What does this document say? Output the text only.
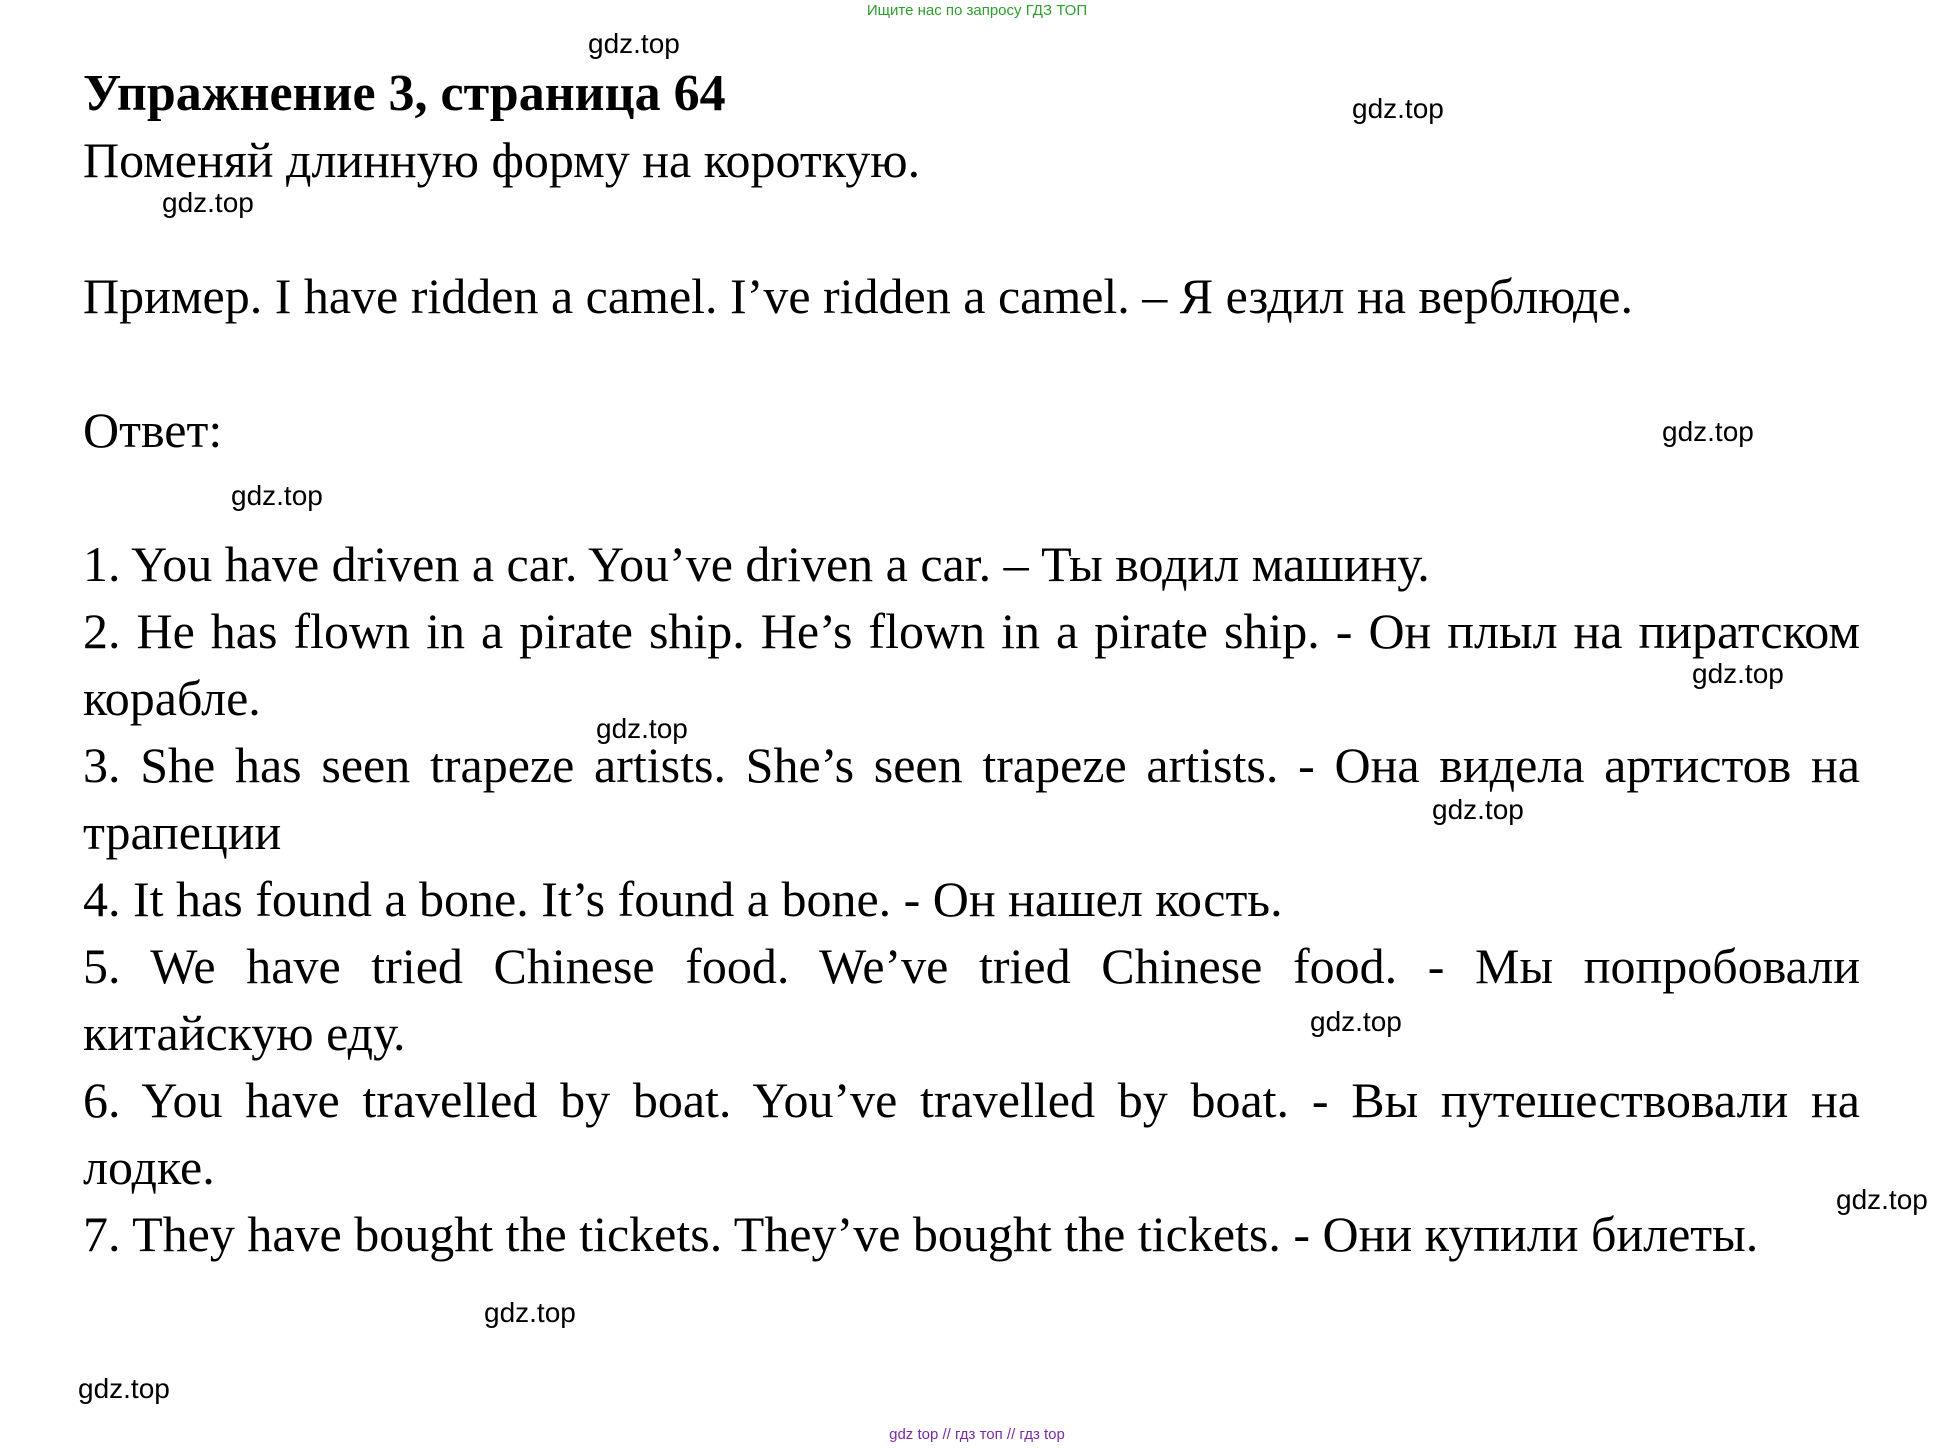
Ищите нас по запросу ГДЗ ТОП
Упражнение 3, страница 64

Поменяй длинную форму на короткую.

Пример. I have ridden a camel. I’ve ridden a camel. – Я ездил на верблюде.

Ответ:

1. You have driven a car. You’ve driven a car. – Ты водил машину.
2. He has flown in a pirate ship. He’s flown in a pirate ship. - Он плыл на пиратском корабле.
3. She has seen trapeze artists. She’s seen trapeze artists. - Она видела артистов на трапеции
4. It has found a bone. It’s found a bone. - Он нашел кость.
5. We have tried Chinese food. We’ve tried Chinese food. - Мы попробовали китайскую еду.
6. You have travelled by boat. You’ve travelled by boat. - Вы путешествовали на лодке.
7. They have bought the tickets. They’ve bought the tickets. - Они купили билеты.
gdz.top
gdz.top
gdz.top
gdz.top
gdz.top
gdz.top
gdz.top
gdz.top
gdz.top
gdz.top
gdz.top
gdz.top
gdz top // гдз топ // гдз top
